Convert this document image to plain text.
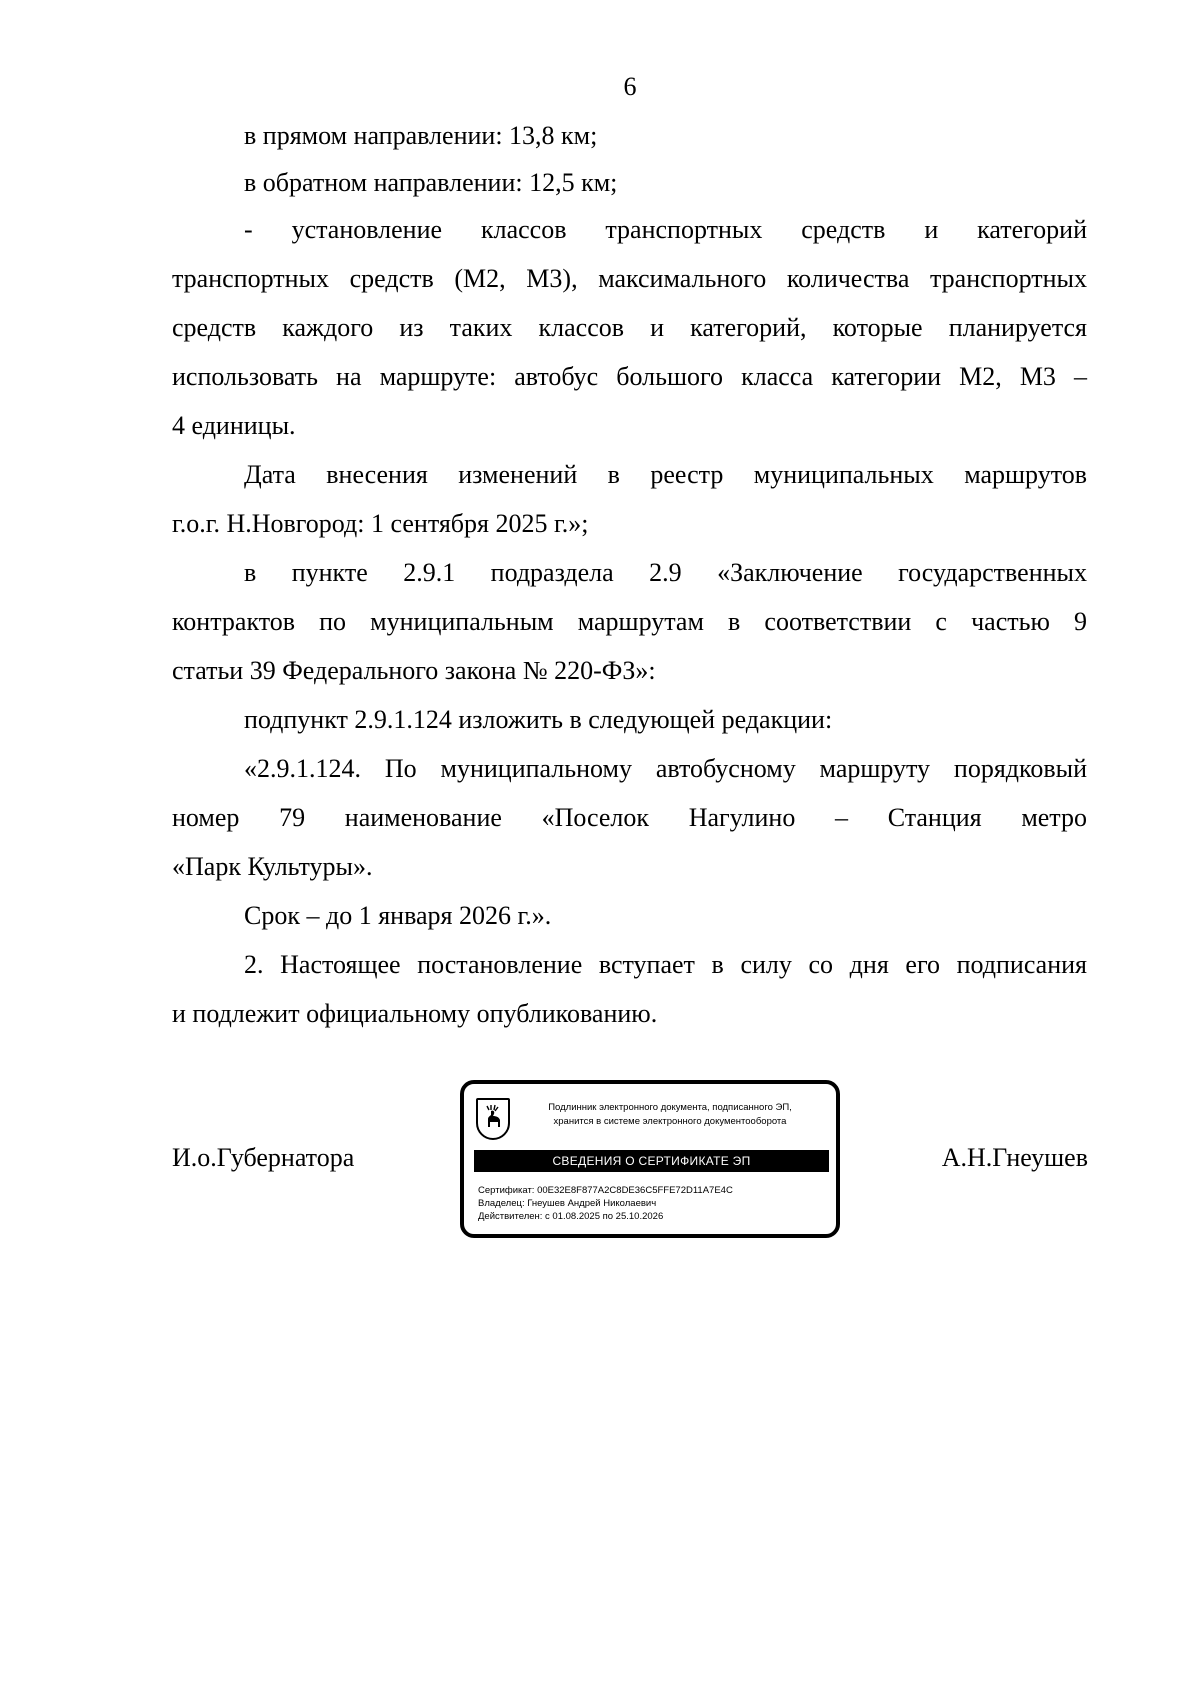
6
в прямом направлении: 13,8 км;
в обратном направлении: 12,5 км;
- установление классов транспортных средств и категорий
транспортных средств (М2, М3), максимального количества транспортных
средств каждого из таких классов и категорий, которые планируется
использовать на маршруте: автобус большого класса категории М2, М3 –
4 единицы.
Дата внесения изменений в реестр муниципальных маршрутов
г.о.г. Н.Новгород: 1 сентября 2025 г.»;
в пункте 2.9.1 подраздела 2.9 «Заключение государственных
контрактов по муниципальным маршрутам в соответствии с частью 9
статьи 39 Федерального закона № 220-ФЗ»:
подпункт 2.9.1.124 изложить в следующей редакции:
«2.9.1.124. По муниципальному автобусному маршруту порядковый
номер 79 наименование «Поселок Нагулино – Станция метро
«Парк Культуры».
Срок – до 1 января 2026 г.».
2. Настоящее постановление вступает в силу со дня его подписания
и подлежит официальному опубликованию.
И.о.Губернатора	А.Н.Гнеушев
Подлинник электронного документа, подписанного ЭП,
хранится в системе электронного документооборота
СВЕДЕНИЯ О СЕРТИФИКАТЕ ЭП
Сертификат: 00E32E8F877A2C8DE36C5FFE72D11A7E4C
Владелец: Гнеушев Андрей Николаевич
Действителен: с 01.08.2025 по 25.10.2026
